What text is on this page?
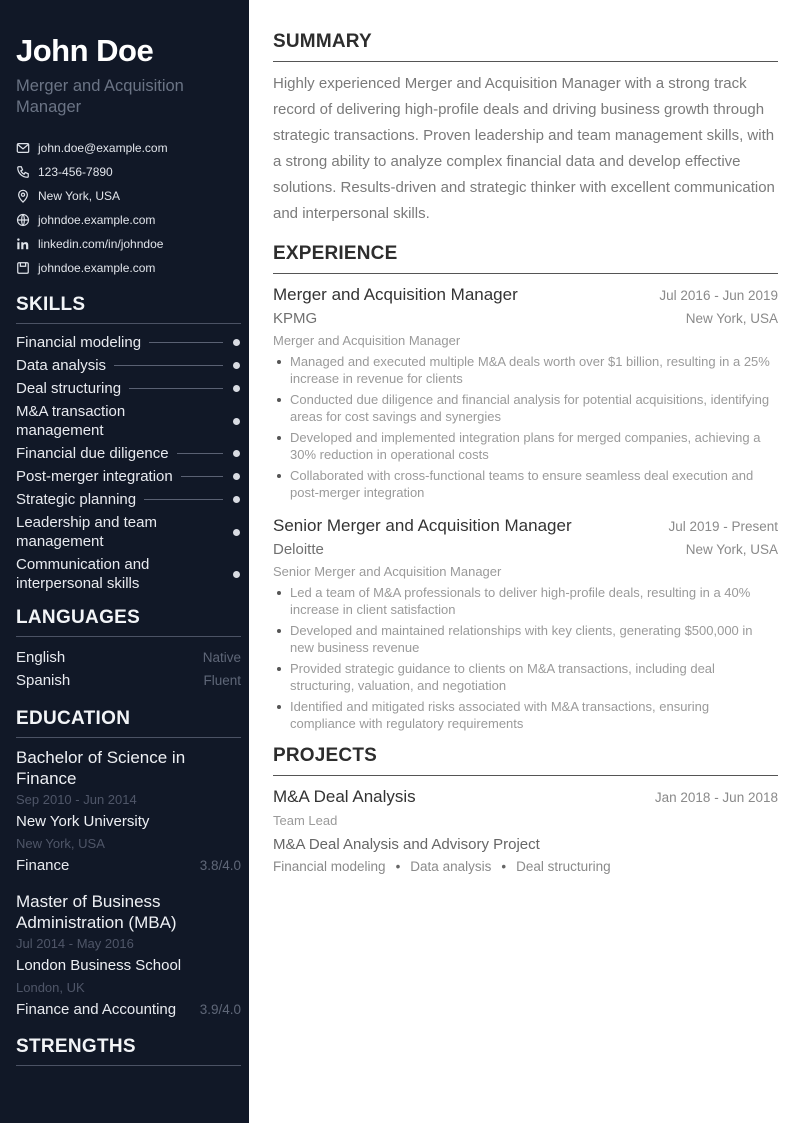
John Doe
Merger and Acquisition Manager
john.doe@example.com
123-456-7890
New York, USA
johndoe.example.com
linkedin.com/in/johndoe
johndoe.example.com
SKILLS
Financial modeling
Data analysis
Deal structuring
M&A transaction management
Financial due diligence
Post-merger integration
Strategic planning
Leadership and team management
Communication and interpersonal skills
LANGUAGES
English	Native
Spanish	Fluent
EDUCATION
Bachelor of Science in Finance
Sep 2010 - Jun 2014
New York University
New York, USA
Finance	3.8/4.0
Master of Business Administration (MBA)
Jul 2014 - May 2016
London Business School
London, UK
Finance and Accounting 3.9/4.0
STRENGTHS
SUMMARY

Highly experienced Merger and Acquisition Manager with a strong track record of delivering high-profile deals and driving business growth through strategic transactions. Proven leadership and team management skills, with a strong ability to analyze complex financial data and develop effective solutions. Results-driven and strategic thinker with excellent communication and interpersonal skills.

EXPERIENCE
Merger and Acquisition Manager	Jul 2016 - Jun 2019
KPMG	New York, USA
Merger and Acquisition Manager
Managed and executed multiple M&A deals worth over $1 billion, resulting in a 25% increase in revenue for clients
Conducted due diligence and financial analysis for potential acquisitions, identifying areas for cost savings and synergies
Developed and implemented integration plans for merged companies, achieving a 30% reduction in operational costs
Collaborated with cross-functional teams to ensure seamless deal execution and post-merger integration
Senior Merger and Acquisition Manager	Jul 2019 - Present
Deloitte	New York, USA
Senior Merger and Acquisition Manager
Led a team of M&A professionals to deliver high-profile deals, resulting in a 40% increase in client satisfaction
Developed and maintained relationships with key clients, generating $500,000 in new business revenue
Provided strategic guidance to clients on M&A transactions, including deal structuring, valuation, and negotiation
Identified and mitigated risks associated with M&A transactions, ensuring compliance with regulatory requirements
PROJECTS
M&A Deal Analysis	Jan 2018 - Jun 2018
Team Lead
M&A Deal Analysis and Advisory Project
Financial modeling • Data analysis • Deal structuring
